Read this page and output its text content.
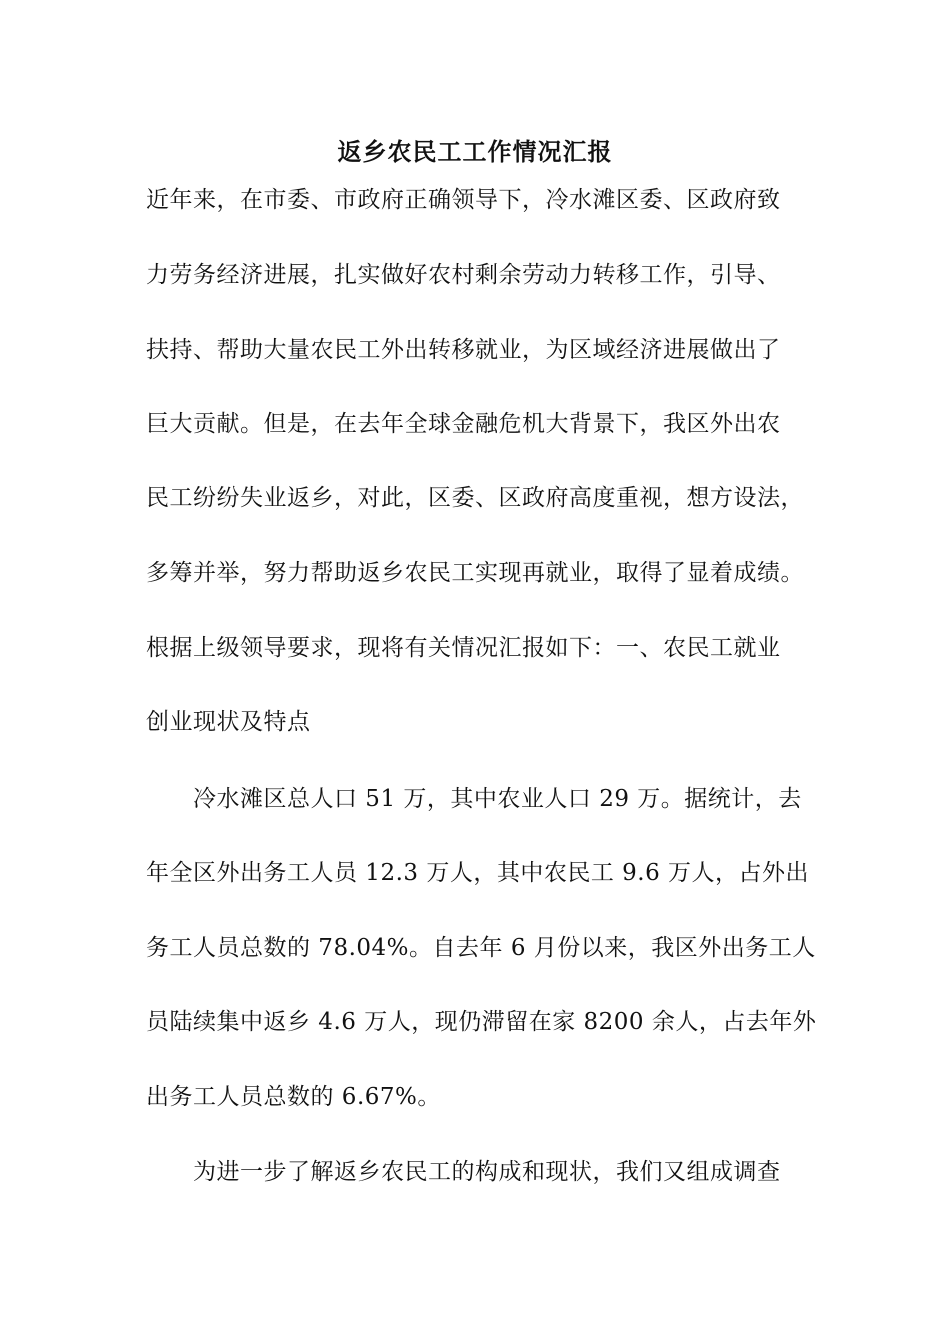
返乡农民工工作情况汇报
近年来，在市委、市政府正确领导下，冷水滩区委、区政府致
力劳务经济进展，扎实做好农村剩余劳动力转移工作，引导、
扶持、帮助大量农民工外出转移就业，为区域经济进展做出了
巨大贡献。但是，在去年全球金融危机大背景下，我区外出农
民工纷纷失业返乡，对此，区委、区政府高度重视，想方设法，
多筹并举，努力帮助返乡农民工实现再就业，取得了显着成绩。
根据上级领导要求，现将有关情况汇报如下：一、农民工就业
创业现状及特点
　　冷水滩区总人口 51 万，其中农业人口 29 万。据统计，去
年全区外出务工人员 12.3 万人，其中农民工 9.6 万人，占外出
务工人员总数的 78.04%。自去年 6 月份以来，我区外出务工人
员陆续集中返乡 4.6 万人，现仍滞留在家 8200 余人，占去年外
出务工人员总数的 6.67%。
　　为进一步了解返乡农民工的构成和现状，我们又组成调查
